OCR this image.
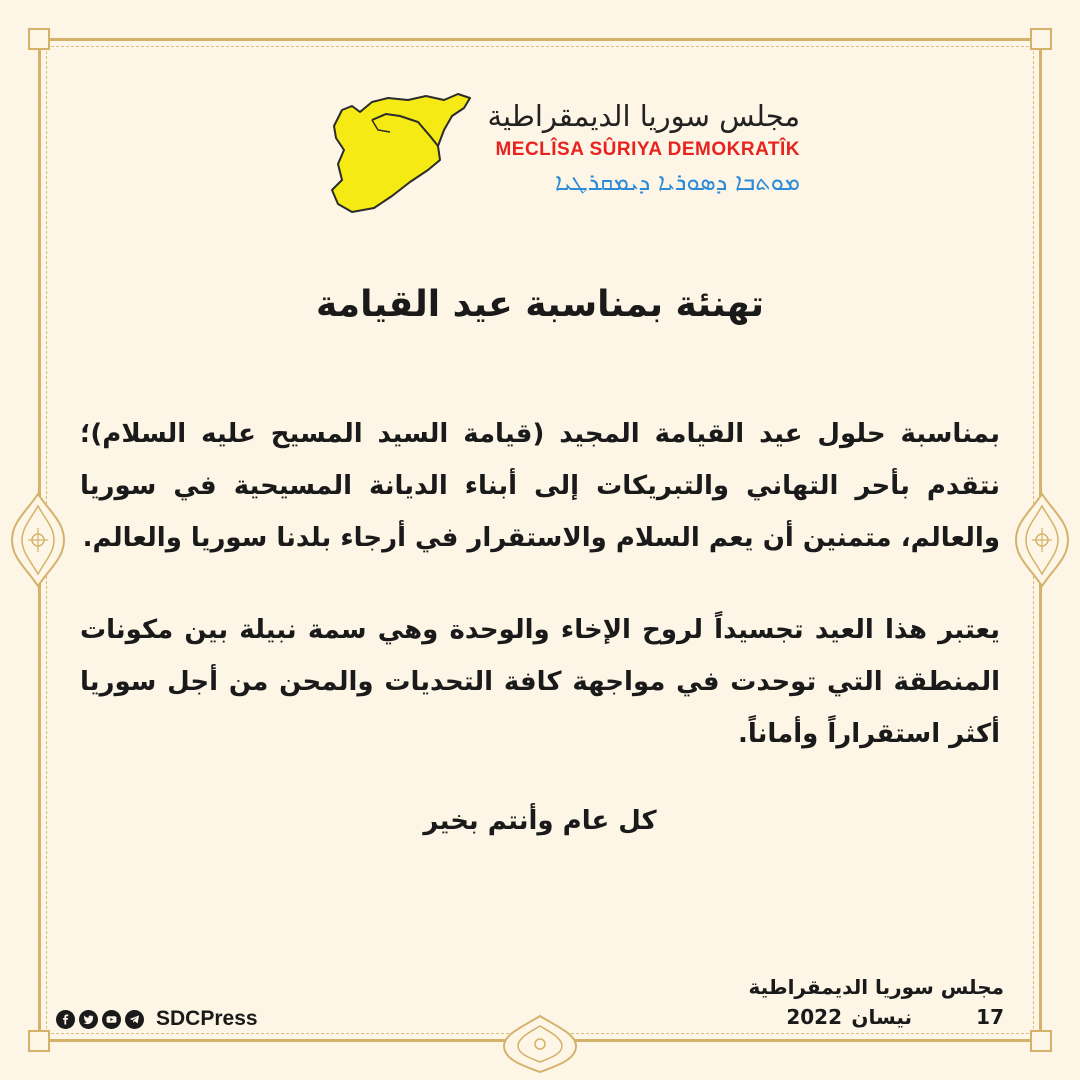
مجلس سوريا الديمقراطية
MECLÎSA SÛRIYA DEMOKRATÎK
ܡܘܬܒܐ ܕܣܘܪܝܐ ܕܝܡܩܪܛܝܐ
تهنئة بمناسبة عيد القيامة
بمناسبة حلول عيد القيامة المجيد (قيامة السيد المسيح عليه السلام)؛ نتقدم بأحر التهاني والتبريكات إلى أبناء الديانة المسيحية في سوريا والعالم، متمنين أن يعم السلام والاستقرار في أرجاء بلدنا سوريا والعالم.
يعتبر هذا العيد تجسيداً لروح الإخاء والوحدة وهي سمة نبيلة بين مكونات المنطقة التي توحدت في مواجهة كافة التحديات والمحن من أجل سوريا أكثر استقراراً وأماناً.
كل عام وأنتم بخير
مجلس سوريا الديمقراطية
17
نيسان
2022
SDCPress
